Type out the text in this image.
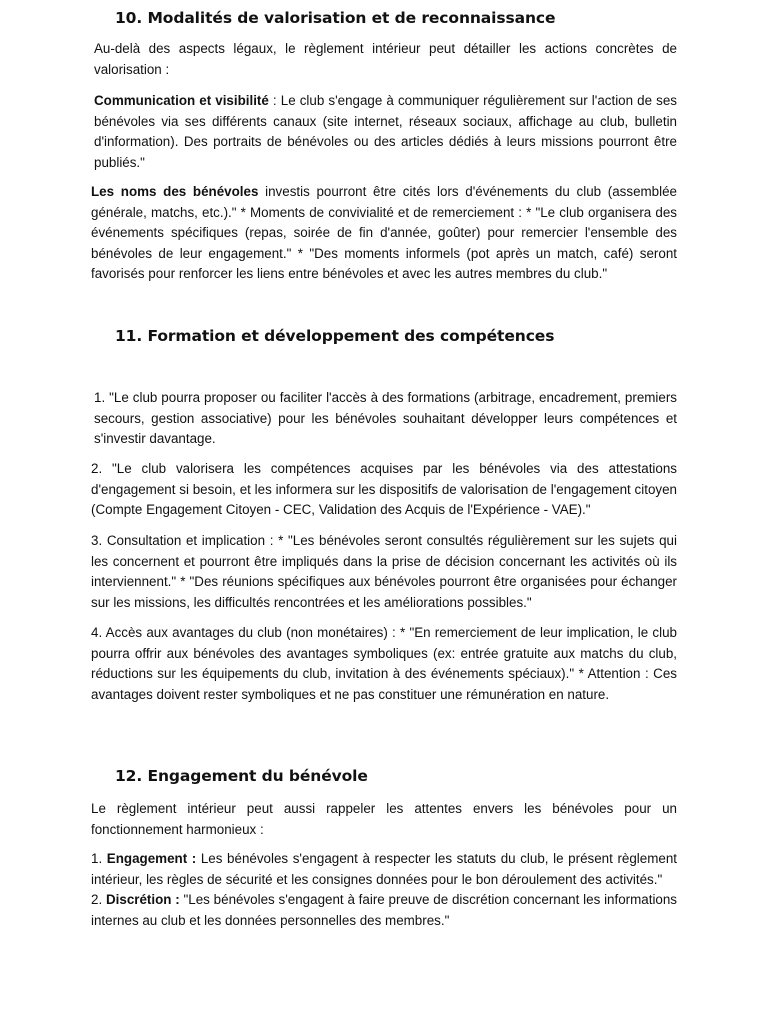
10. Modalités de valorisation et de reconnaissance

Au-delà des aspects légaux, le règlement intérieur peut détailler les actions concrètes de valorisation :

Communication et visibilité : Le club s'engage à communiquer régulièrement sur l'action de ses bénévoles via ses différents canaux (site internet, réseaux sociaux, affichage au club, bulletin d'information). Des portraits de bénévoles ou des articles dédiés à leurs missions pourront être publiés."

Les noms des bénévoles investis pourront être cités lors d'événements du club (assemblée générale, matchs, etc.)." * Moments de convivialité et de remerciement : * "Le club organisera des événements spécifiques (repas, soirée de fin d'année, goûter) pour remercier l'ensemble des bénévoles de leur engagement." * "Des moments informels (pot après un match, café) seront favorisés pour renforcer les liens entre bénévoles et avec les autres membres du club."

11. Formation et développement des compétences

1. "Le club pourra proposer ou faciliter l'accès à des formations (arbitrage, encadrement, premiers secours, gestion associative) pour les bénévoles souhaitant développer leurs compétences et s'investir davantage.

2. "Le club valorisera les compétences acquises par les bénévoles via des attestations d'engagement si besoin, et les informera sur les dispositifs de valorisation de l'engagement citoyen (Compte Engagement Citoyen - CEC, Validation des Acquis de l'Expérience - VAE)."

3. Consultation et implication : * "Les bénévoles seront consultés régulièrement sur les sujets qui les concernent et pourront être impliqués dans la prise de décision concernant les activités où ils interviennent." * "Des réunions spécifiques aux bénévoles pourront être organisées pour échanger sur les missions, les difficultés rencontrées et les améliorations possibles."

4. Accès aux avantages du club (non monétaires) : * "En remerciement de leur implication, le club pourra offrir aux bénévoles des avantages symboliques (ex: entrée gratuite aux matchs du club, réductions sur les équipements du club, invitation à des événements spéciaux)." * Attention : Ces avantages doivent rester symboliques et ne pas constituer une rémunération en nature.

12. Engagement du bénévole

Le règlement intérieur peut aussi rappeler les attentes envers les bénévoles pour un fonctionnement harmonieux :

1. Engagement : Les bénévoles s'engagent à respecter les statuts du club, le présent règlement intérieur, les règles de sécurité et les consignes données pour le bon déroulement des activités."
2. Discrétion : "Les bénévoles s'engagent à faire preuve de discrétion concernant les informations internes au club et les données personnelles des membres."
